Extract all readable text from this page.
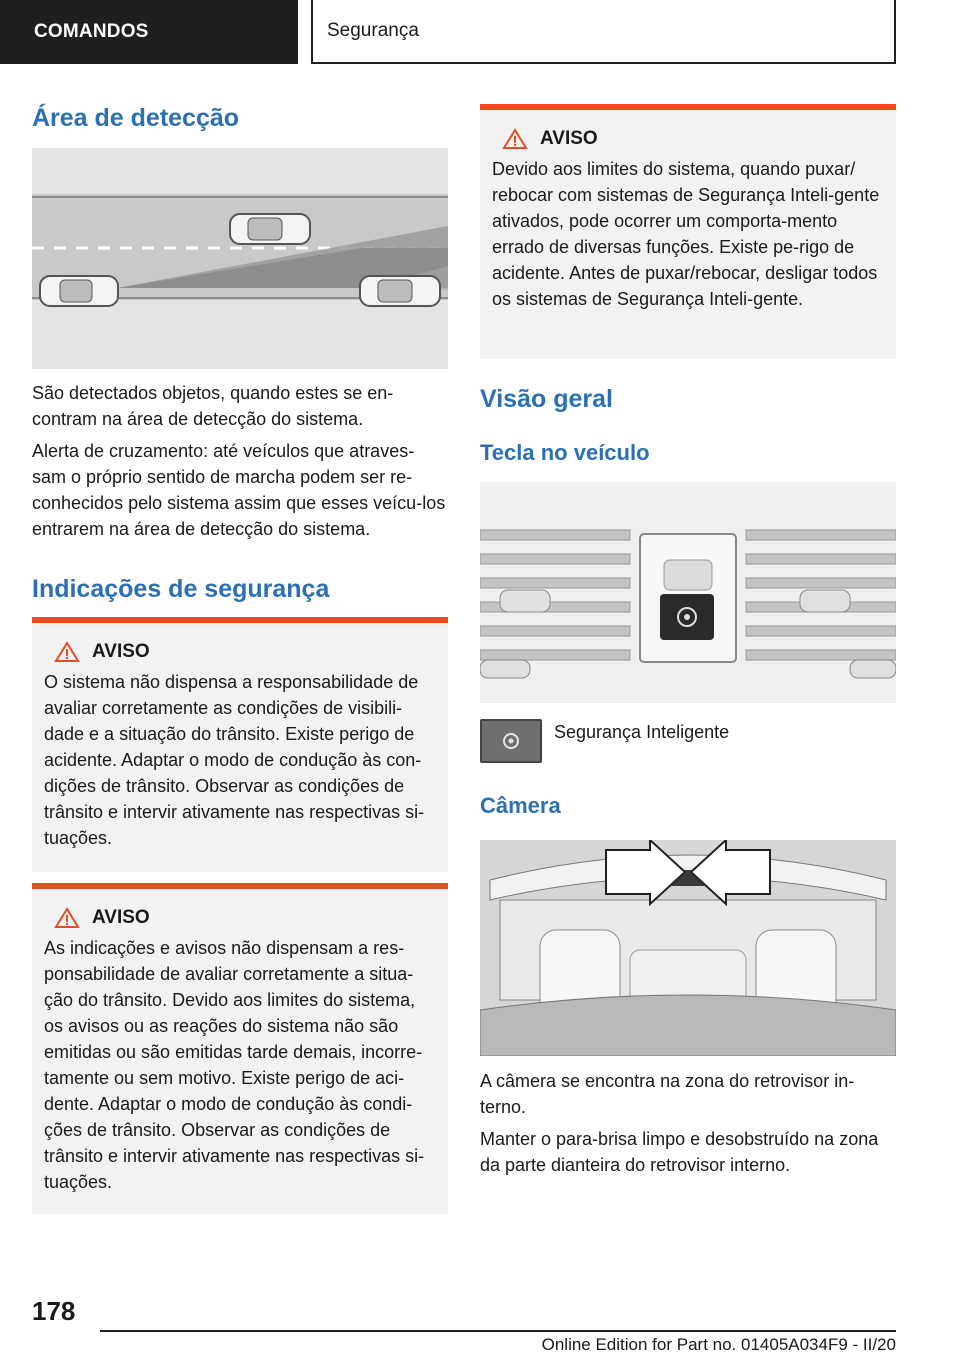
COMANDOS	Segurança
Área de detecção

São detectados objetos, quando estes se en-contram na área de detecção do sistema.

Alerta de cruzamento: até veículos que atraves-sam o próprio sentido de marcha podem ser re-conhecidos pelo sistema assim que esses veícu-los entrarem na área de detecção do sistema.

Indicações de segurança
AVISO

O sistema não dispensa a responsabilidade de avaliar corretamente as condições de visibili-dade e a situação do trânsito. Existe perigo de acidente. Adaptar o modo de condução às con-dições de trânsito. Observar as condições de trânsito e intervir ativamente nas respectivas si-tuações.

AVISO

As indicações e avisos não dispensam a res-ponsabilidade de avaliar corretamente a situa-ção do trânsito. Devido aos limites do sistema, os avisos ou as reações do sistema não são emitidas ou são emitidas tarde demais, incorre-tamente ou sem motivo. Existe perigo de aci-dente. Adaptar o modo de condução às condi-ções de trânsito. Observar as condições de trânsito e intervir ativamente nas respectivas si-tuações.

AVISO

Devido aos limites do sistema, quando puxar/ rebocar com sistemas de Segurança Inteli-gente ativados, pode ocorrer um comporta-mento errado de diversas funções. Existe pe-rigo de acidente. Antes de puxar/rebocar, desligar todos os sistemas de Segurança Inteli-gente.

Visão geral
Tecla no veículo

Segurança Inteligente

Câmera

A câmera se encontra na zona do retrovisor in-terno.

Manter o para-brisa limpo e desobstruído na zona da parte dianteira do retrovisor interno.

178
Online Edition for Part no. 01405A034F9 - II/20
